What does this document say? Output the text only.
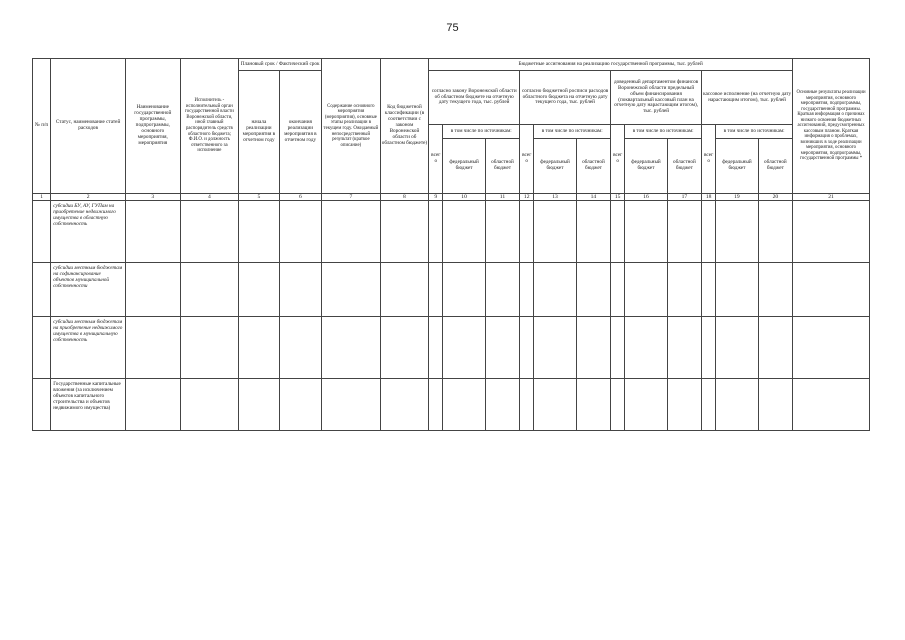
75
№ п/п	Статус, наименование статей расходов	Наименование государственной программы, подпрограммы, основного мероприятия, мероприятия	Исполнитель - исполнительный орган государственной власти Воронежской области, иной главный распорядитель средств областного бюджета; Ф.И.О. и должность ответственного за исполнение	Плановый срок / Фактический срок		Содержание основного мероприятия (мероприятия), основные этапы реализации в текущем году. Ожидаемый непосредственный результат (краткое описание)	Код бюджетной классификации (в соответствии с законом Воронежской области об областном бюджете)	Бюджетные ассигнования на реализацию государственной программы, тыс. рублей												Основные результаты реализации мероприятия, основного мероприятия, подпрограммы, государственной программы. Краткая информация о причинах низкого освоения бюджетных ассигнований, предусмотренных кассовым планом. Краткая информация о проблемах, возникших в ходе реализации мероприятия, основного мероприятия, подпрограммы, государственной программы *
				начала реализации мероприятия в отчетном году	окончания реализации мероприятия в отчетном году			согласно закону Воронежской области об областном бюджете на отчетную дату текущего года, тыс. рублей			согласно бюджетной росписи расходов областного бюджета на отчетную дату текущего года, тыс. рублей			доведенный департаментом финансов Воронежской области предельный объем финансирования (поквартальный кассовый план на отчетную дату нарастающим итогом), тыс. рублей			кассовое исполнение (на отчетную дату нарастающим итогом), тыс. рублей			
								всего	в том числе по источникам:		всего	в том числе по источникам:		всего	в том числе по источникам:		всего	в том числе по источникам:		
									федеральный бюджет	областной бюджет		федеральный бюджет	областной бюджет		федеральный бюджет	областной бюджет		федеральный бюджет	областной бюджет	
1	2	3	4	5	6	7	8	9	10	11	12	13	14	15	16	17	18	19	20	21
	субсидии БУ, АУ, ГУПам на приобретение недвижимого имущества в областную собственность																			
	субсидии местным бюджетам на софинансирование объектов муниципальной собственности																			
	субсидии местным бюджетам на приобретение недвижимого имущества в муниципальную собственность																			
	Государственные капитальные вложения (за исключением объектов капитального строительства и объектов недвижимого имущества)																			
